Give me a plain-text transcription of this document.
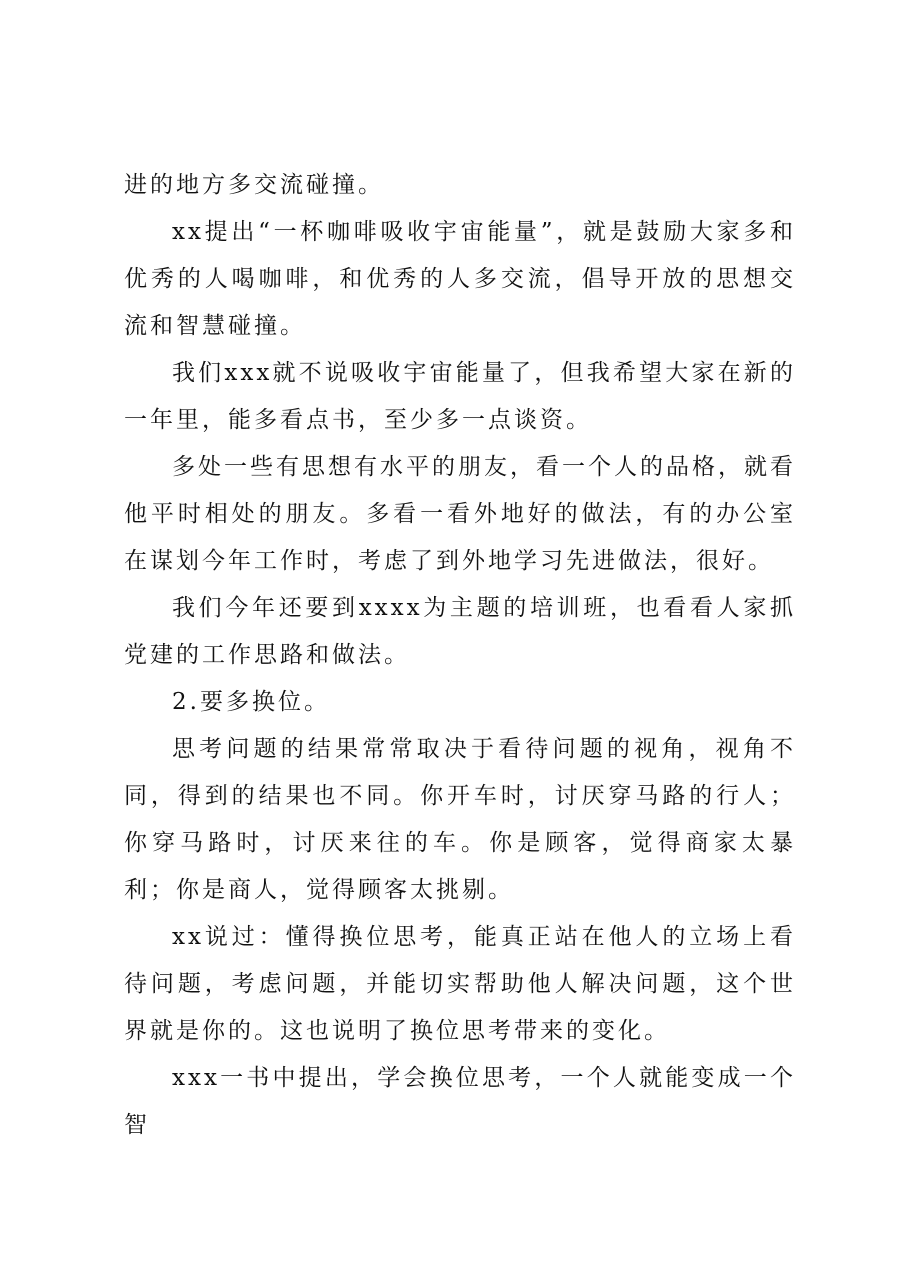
进的地方多交流碰撞。

xx提出“一杯咖啡吸收宇宙能量”，就是鼓励大家多和优秀的人喝咖啡，和优秀的人多交流，倡导开放的思想交流和智慧碰撞。

我们xxx就不说吸收宇宙能量了，但我希望大家在新的一年里，能多看点书，至少多一点谈资。

多处一些有思想有水平的朋友，看一个人的品格，就看他平时相处的朋友。多看一看外地好的做法，有的办公室在谋划今年工作时，考虑了到外地学习先进做法，很好。

我们今年还要到xxxx为主题的培训班，也看看人家抓党建的工作思路和做法。

2.要多换位。

思考问题的结果常常取决于看待问题的视角，视角不同，得到的结果也不同。你开车时，讨厌穿马路的行人；你穿马路时，讨厌来往的车。你是顾客，觉得商家太暴利；你是商人，觉得顾客太挑剔。

xx说过：懂得换位思考，能真正站在他人的立场上看待问题，考虑问题，并能切实帮助他人解决问题，这个世界就是你的。这也说明了换位思考带来的变化。

xxx一书中提出，学会换位思考，一个人就能变成一个智
